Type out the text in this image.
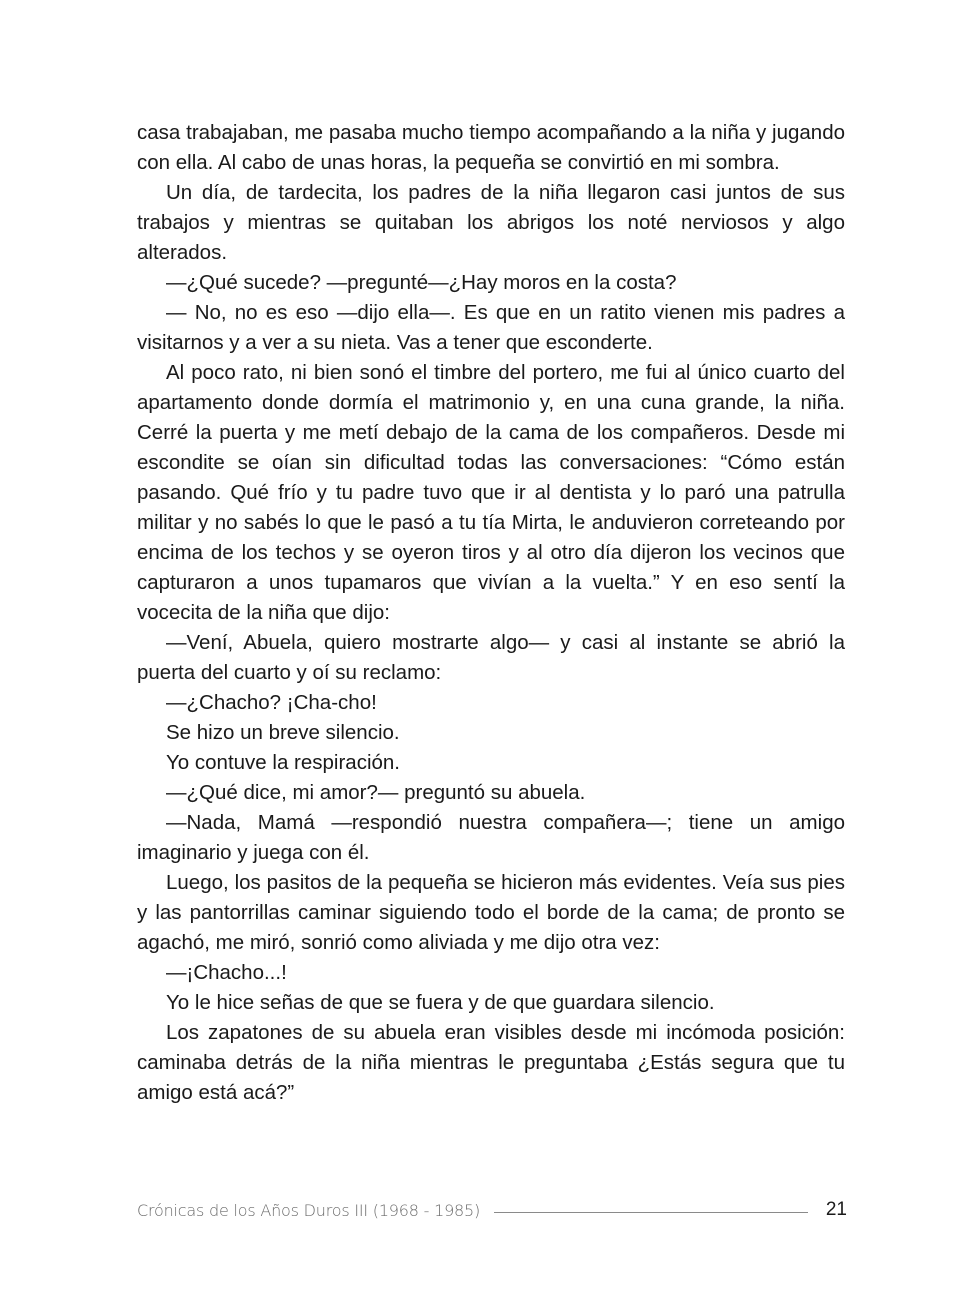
casa trabajaban, me pasaba mucho tiempo acompañando a la niña y jugando con ella. Al cabo de unas horas, la pequeña se convirtió en mi sombra.

Un día, de tardecita, los padres de la niña llegaron casi juntos de sus trabajos y mientras se quitaban los abrigos los noté nerviosos y algo alterados.

—¿Qué sucede? —pregunté—¿Hay moros en la costa?

— No, no es eso —dijo ella—. Es que en un ratito vienen mis padres a visitarnos y a ver a su nieta. Vas a tener que esconderte.

Al poco rato, ni bien sonó el timbre del portero, me fui al único cuarto del apartamento donde dormía el matrimonio y, en una cuna grande, la niña. Cerré la puerta y me metí debajo de la cama de los compañeros. Desde mi escondite se oían sin dificultad todas las conversaciones: “Cómo están pasando. Qué frío y tu padre tuvo que ir al dentista y lo paró una patrulla militar y no sabés lo que le pasó a tu tía Mirta, le anduvieron correteando por encima de los techos y se oyeron tiros y al otro día dijeron los vecinos que capturaron a unos tupamaros que vivían a la vuelta.” Y en eso sentí la vocecita de la niña que dijo:

—Vení, Abuela, quiero mostrarte algo— y casi al instante se abrió la puerta del cuarto y oí su reclamo:

—¿Chacho? ¡Cha-cho!

Se hizo un breve silencio.

Yo contuve la respiración.

—¿Qué dice, mi amor?— preguntó su abuela.

—Nada, Mamá —respondió nuestra compañera—; tiene un amigo imaginario y juega con él.

Luego, los pasitos de la pequeña se hicieron más evidentes. Veía sus pies y las pantorrillas caminar siguiendo todo el borde de la cama; de pronto se agachó, me miró, sonrió como aliviada y me dijo otra vez:

—¡Chacho...!

Yo le hice señas de que se fuera y de que guardara silencio.

Los zapatones de su abuela eran visibles desde mi incómoda posición: caminaba detrás de la niña mientras le preguntaba ¿Estás segura que tu amigo está acá?”

Crónicas de los Años Duros III (1968 - 1985)	21
